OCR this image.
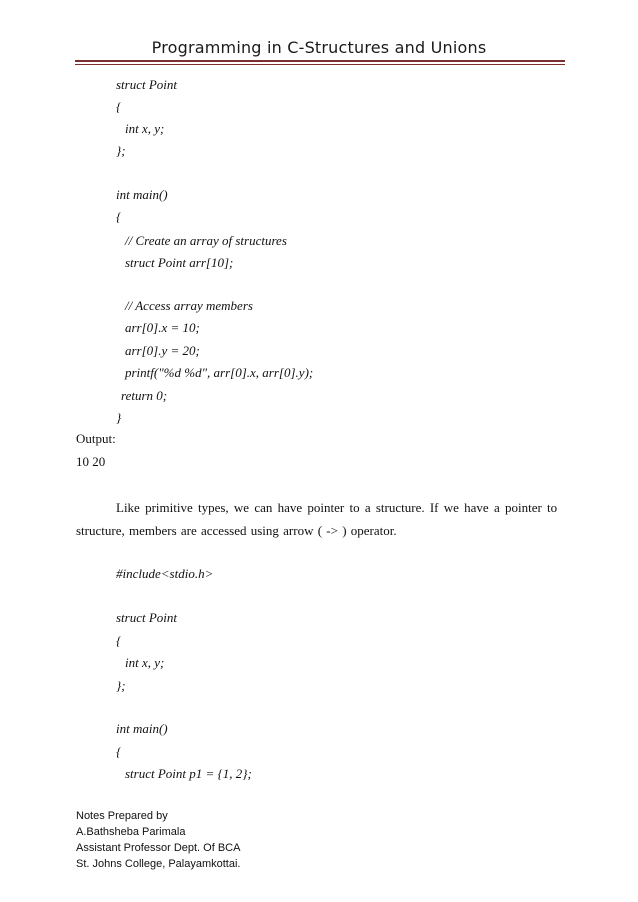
Programming in C-Structures and Unions
struct Point
{
int x, y;
};
int main()
{
// Create an array of structures
struct Point arr[10];
// Access array members
arr[0].x = 10;
arr[0].y = 20;
printf("%d %d", arr[0].x, arr[0].y);
return 0;
}
Output:
10 20
Like primitive types, we can have pointer to a structure. If we have a pointer to
structure, members are accessed using arrow ( -> ) operator.
#include<stdio.h>
struct Point
{
int x, y;
};
int main()
{
struct Point p1 = {1, 2};
Notes Prepared by
A.Bathsheba Parimala
Assistant Professor Dept. Of BCA
St. Johns College, Palayamkottai.
